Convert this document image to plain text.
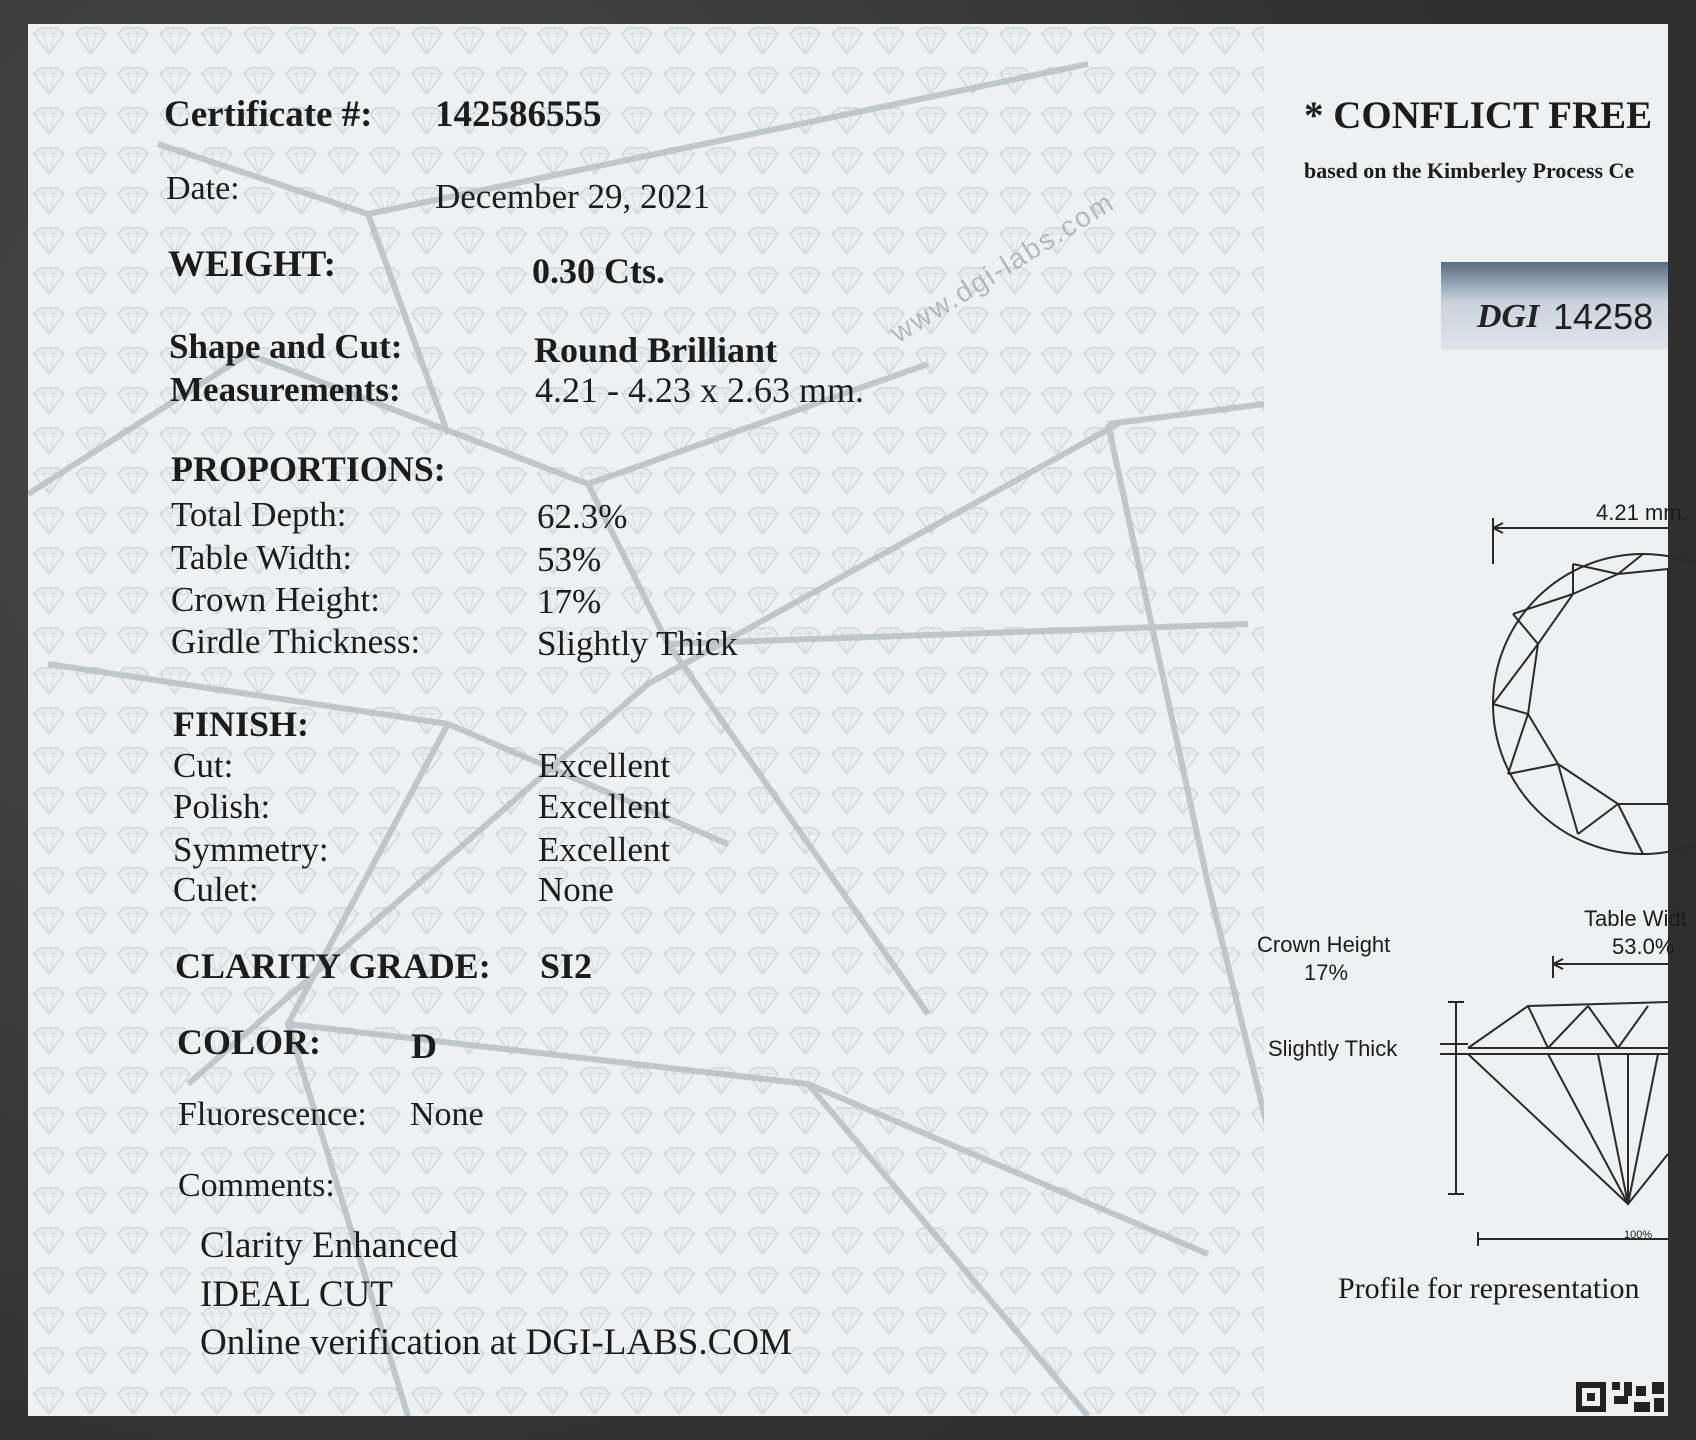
www.dgi-labs.com
Certificate #: 142586555
Date:	December 29, 2021
WEIGHT:	0.30 Cts.
Shape and Cut:	Round Brilliant
Measurements:	4.21 - 4.23 x 2.63 mm.
PROPORTIONS:
Total Depth:	62.3%
Table Width:	53%
Crown Height:	17%
Girdle Thickness:	Slightly Thick
FINISH:
Cut:	Excellent
Polish:	Excellent
Symmetry:	Excellent
Culet:	None
CLARITY GRADE: SI2
COLOR:	D
Fluorescence: None
Comments:
Clarity Enhanced
IDEAL CUT
Online verification at DGI-LABS.COM
* CONFLICT FREE
based on the Kimberley Process Ce
DGI 14258
4.21 mm.
Table Widt
53.0%
Crown Height
17%
Slightly Thick
100%
Profile for representation
